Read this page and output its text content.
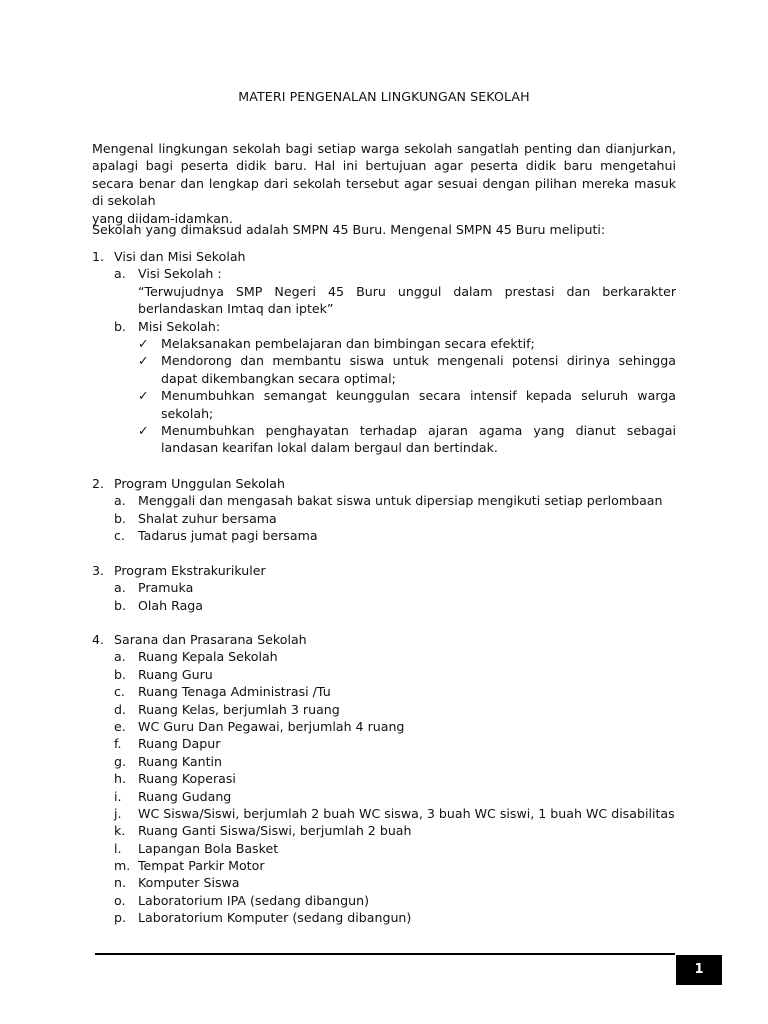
MATERI PENGENALAN LINGKUNGAN SEKOLAH
Mengenal lingkungan sekolah bagi setiap warga sekolah sangatlah penting dan dianjurkan, apalagi bagi peserta didik baru. Hal ini bertujuan agar peserta didik baru mengetahui secara benar dan lengkap dari sekolah tersebut agar sesuai dengan pilihan mereka masuk di sekolah
yang diidam-idamkan.

Sekolah yang dimaksud adalah SMPN 45 Buru. Mengenal SMPN 45 Buru meliputi:

1. Visi dan Misi Sekolah
a. Visi Sekolah :
“Terwujudnya SMP Negeri 45 Buru unggul dalam prestasi dan berkarakter berlandaskan Imtaq dan iptek”
b. Misi Sekolah:
✓ Melaksanakan pembelajaran dan bimbingan secara efektif;
✓ Mendorong dan membantu siswa untuk mengenali potensi dirinya sehingga dapat dikembangkan secara optimal;
✓ Menumbuhkan semangat keunggulan secara intensif kepada seluruh warga sekolah;
✓ Menumbuhkan penghayatan terhadap ajaran agama yang dianut sebagai landasan kearifan lokal dalam bergaul dan bertindak.
2. Program Unggulan Sekolah
a. Menggali dan mengasah bakat siswa untuk dipersiap mengikuti setiap perlombaan
b. Shalat zuhur bersama
c. Tadarus jumat pagi bersama
3. Program Ekstrakurikuler
a. Pramuka
b. Olah Raga
4. Sarana dan Prasarana Sekolah
a. Ruang Kepala Sekolah
b. Ruang Guru
c. Ruang Tenaga Administrasi /Tu
d. Ruang Kelas, berjumlah 3 ruang
e. WC Guru Dan Pegawai, berjumlah 4 ruang
f. Ruang Dapur
g. Ruang Kantin
h. Ruang Koperasi
i. Ruang Gudang
j. WC Siswa/Siswi, berjumlah 2 buah WC siswa, 3 buah WC siswi, 1 buah WC disabilitas
k. Ruang Ganti Siswa/Siswi, berjumlah 2 buah
l. Lapangan Bola Basket
m. Tempat Parkir Motor
n. Komputer Siswa
o. Laboratorium IPA (sedang dibangun)
p. Laboratorium Komputer (sedang dibangun)
1
